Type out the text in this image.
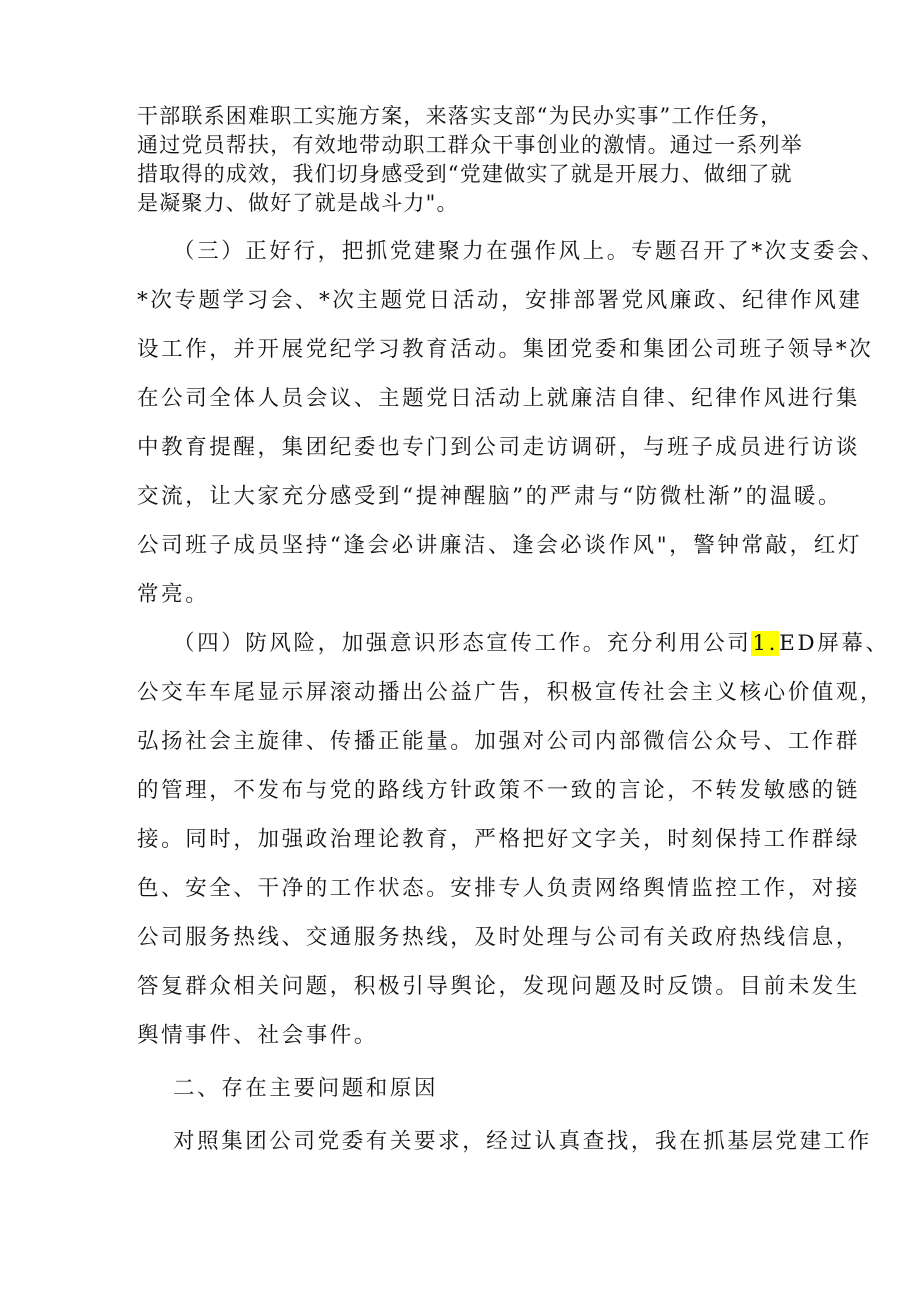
干部联系困难职工实施方案，来落实支部“为民办实事”工作任务，
通过党员帮扶，有效地带动职工群众干事创业的激情。通过一系列举
措取得的成效，我们切身感受到“党建做实了就是开展力、做细了就
是凝聚力、做好了就是战斗力"。
（三）正好行，把抓党建聚力在强作风上。专题召开了*次支委会、
*次专题学习会、*次主题党日活动，安排部署党风廉政、纪律作风建
设工作，并开展党纪学习教育活动。集团党委和集团公司班子领导*次
在公司全体人员会议、主题党日活动上就廉洁自律、纪律作风进行集
中教育提醒，集团纪委也专门到公司走访调研，与班子成员进行访谈
交流，让大家充分感受到“提神醒脑”的严肃与“防微杜渐”的温暖。
公司班子成员坚持“逢会必讲廉洁、逢会必谈作风"，警钟常敲，红灯
常亮。
（四）防风险，加强意识形态宣传工作。充分利用公司1.ED屏幕、
公交车车尾显示屏滚动播出公益广告，积极宣传社会主义核心价值观，
弘扬社会主旋律、传播正能量。加强对公司内部微信公众号、工作群
的管理，不发布与党的路线方针政策不一致的言论，不转发敏感的链
接。同时，加强政治理论教育，严格把好文字关，时刻保持工作群绿
色、安全、干净的工作状态。安排专人负责网络舆情监控工作，对接
公司服务热线、交通服务热线，及时处理与公司有关政府热线信息，
答复群众相关问题，积极引导舆论，发现问题及时反馈。目前未发生
舆情事件、社会事件。
二、存在主要问题和原因
对照集团公司党委有关要求，经过认真查找，我在抓基层党建工作
